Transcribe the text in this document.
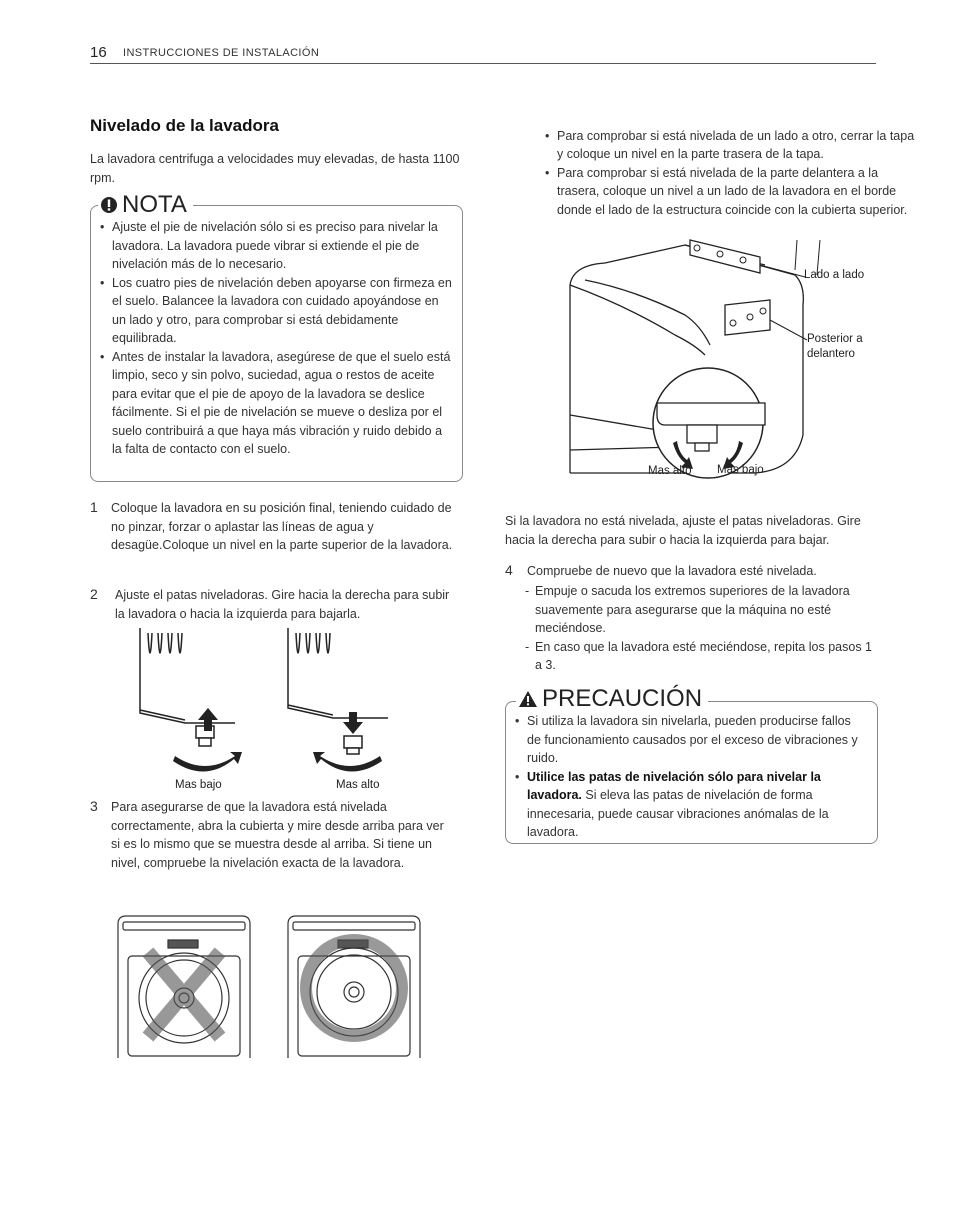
16 INSTRUCCIONES DE INSTALACIÓN
Nivelado de la lavadora
La lavadora centrifuga a velocidades muy elevadas, de hasta 1100 rpm.
NOTA
• Ajuste el pie de nivelación sólo si es preciso para nivelar la lavadora. La lavadora puede vibrar si extiende el pie de nivelación más de lo necesario.
• Los cuatro pies de nivelación deben apoyarse con firmeza en el suelo. Balancee la lavadora con cuidado apoyándose en un lado y otro, para comprobar si está debidamente equilibrada.
• Antes de instalar la lavadora, asegúrese de que el suelo está limpio, seco y sin polvo, suciedad, agua o restos de aceite para evitar que el pie de apoyo de la lavadora se deslice fácilmente. Si el pie de nivelación se mueve o desliza por el suelo contribuirá a que haya más vibración y ruido debido a la falta de contacto con el suelo.
1 Coloque la lavadora en su posición final, teniendo cuidado de no pinzar, forzar o aplastar las líneas de agua y desagüe.Coloque un nivel en la parte superior de la lavadora.
2 Ajuste el patas niveladoras. Gire hacia la derecha para subir la lavadora o hacia la izquierda para bajarla.
Mas bajo	Mas alto
3 Para asegurarse de que la lavadora está nivelada correctamente, abra la cubierta y mire desde arriba para ver si es lo mismo que se muestra desde al arriba. Si tiene un nivel, compruebe la nivelación exacta de la lavadora.
• Para comprobar si está nivelada de un lado a otro, cerrar la tapa y coloque un nivel en la parte trasera de la tapa.
• Para comprobar si está nivelada de la parte delantera a la trasera, coloque un nivel a un lado de la lavadora en el borde donde el lado de la estructura coincide con la cubierta superior.
Lado a lado
Posterior a delantero
Mas alto Mas bajo
Si la lavadora no está nivelada, ajuste el patas niveladoras. Gire hacia la derecha para subir o hacia la izquierda para bajar.
4 Compruebe de nuevo que la lavadora esté nivelada.
- Empuje o sacuda los extremos superiores de la lavadora suavemente para asegurarse que la máquina no esté meciéndose.
- En caso que la lavadora esté meciéndose, repita los pasos 1 a 3.
PRECAUCIÓN
• Si utiliza la lavadora sin nivelarla, pueden producirse fallos de funcionamiento causados por el exceso de vibraciones y ruido.
• Utilice las patas de nivelación sólo para nivelar la lavadora. Si eleva las patas de nivelación de forma innecesaria, puede causar vibraciones anómalas de la lavadora.
